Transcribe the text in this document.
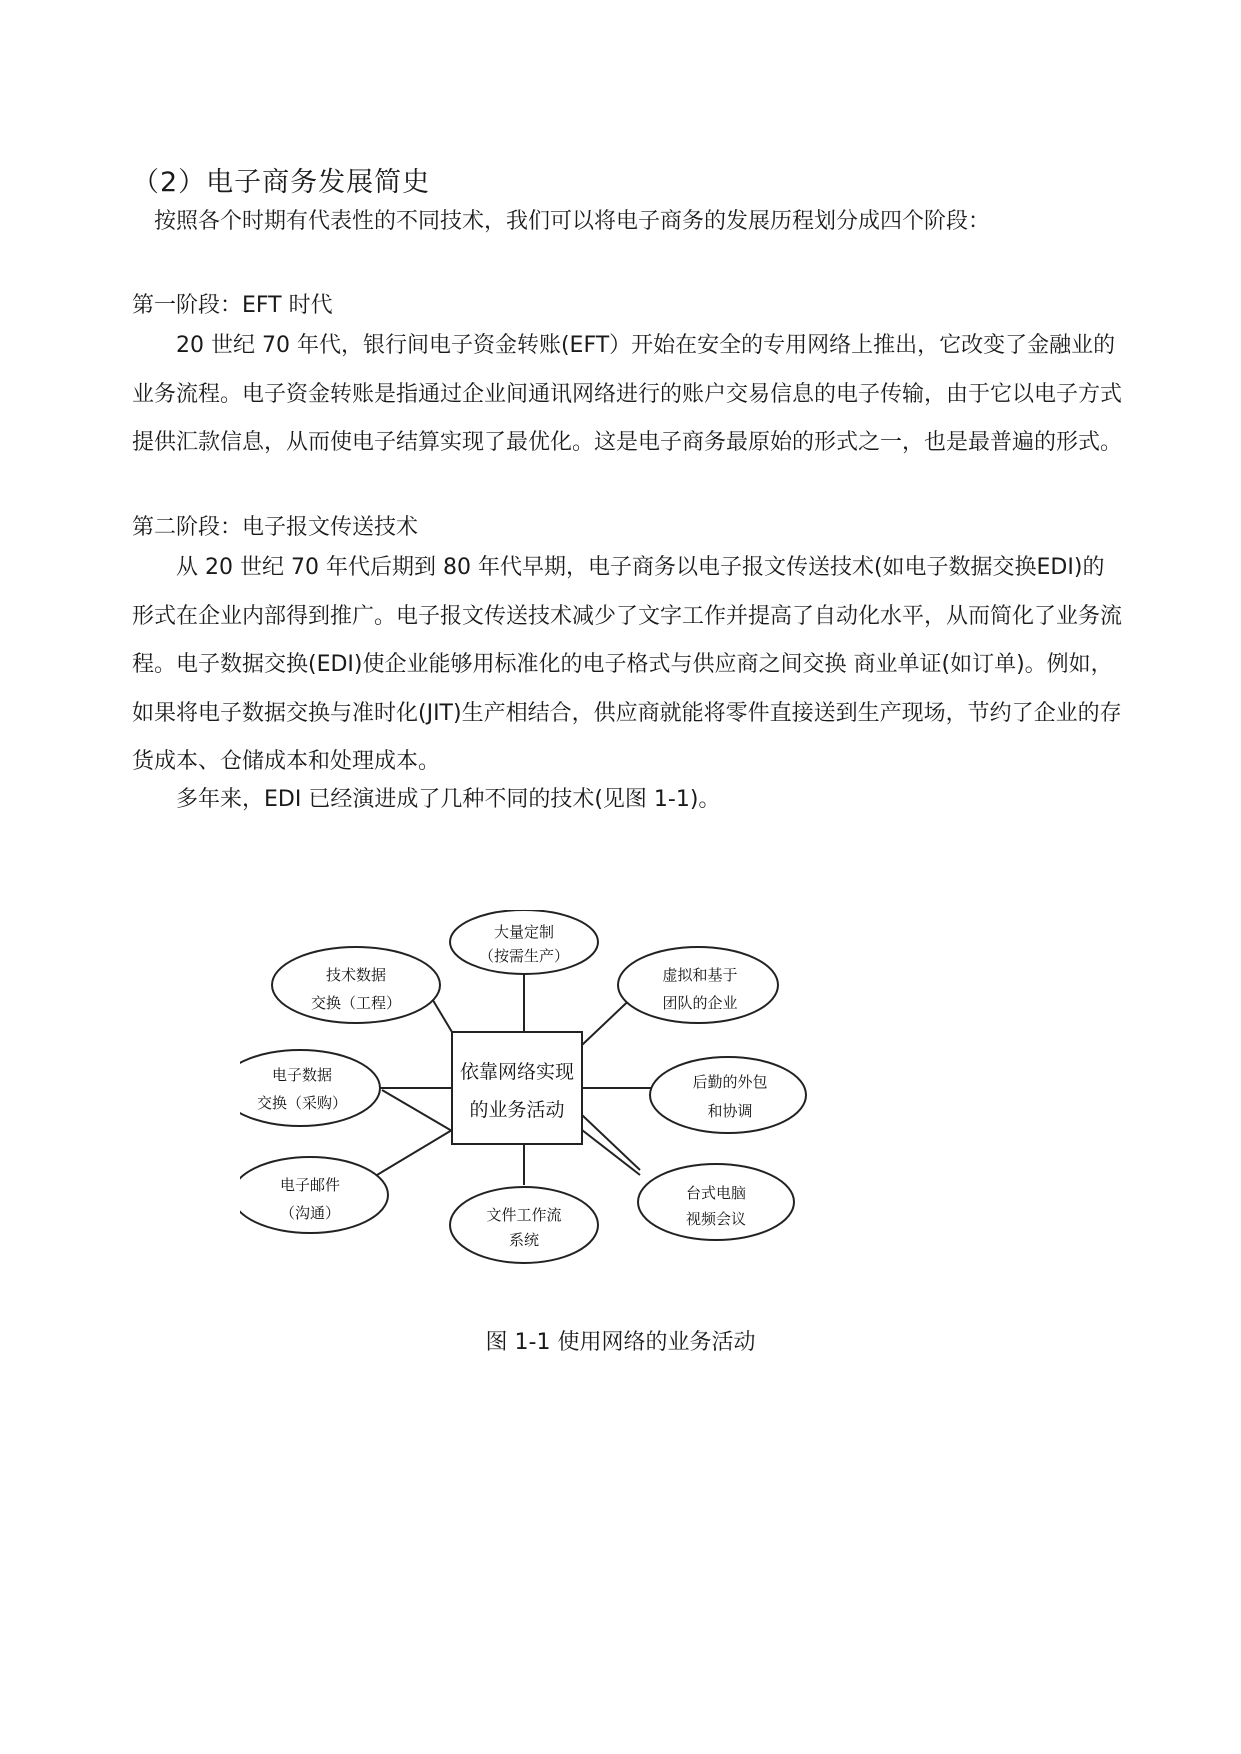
（2）电子商务发展简史
　按照各个时期有代表性的不同技术，我们可以将电子商务的发展历程划分成四个阶段：
第一阶段：EFT 时代
　　20 世纪 70 年代，银行间电子资金转账(EFT）开始在安全的专用网络上推出，它改变了金融业的业务流程。电子资金转账是指通过企业间通讯网络进行的账户交易信息的电子传输，由于它以电子方式提供汇款信息，从而使电子结算实现了最优化。这是电子商务最原始的形式之一，也是最普遍的形式。
第二阶段：电子报文传送技术
　　从 20 世纪 70 年代后期到 80 年代早期，电子商务以电子报文传送技术(如电子数据交换EDI)的形式在企业内部得到推广。电子报文传送技术减少了文字工作并提高了自动化水平，从而简化了业务流程。电子数据交换(EDI)使企业能够用标准化的电子格式与供应商之间交换 商业单证(如订单)。例如，如果将电子数据交换与准时化(JIT)生产相结合，供应商就能将零件直接送到生产现场，节约了企业的存货成本、仓储成本和处理成本。
　　多年来，EDI 已经演进成了几种不同的技术(见图 1-1)。
依靠网络实现
的业务活动
大量定制
（按需生产）
技术数据
交换（工程）
虚拟和基于
团队的企业
电子数据
交换（采购）
后勤的外包
和协调
电子邮件
（沟通）	文件工作流
系统
台式电脑
视频会议
图 1-1 使用网络的业务活动
